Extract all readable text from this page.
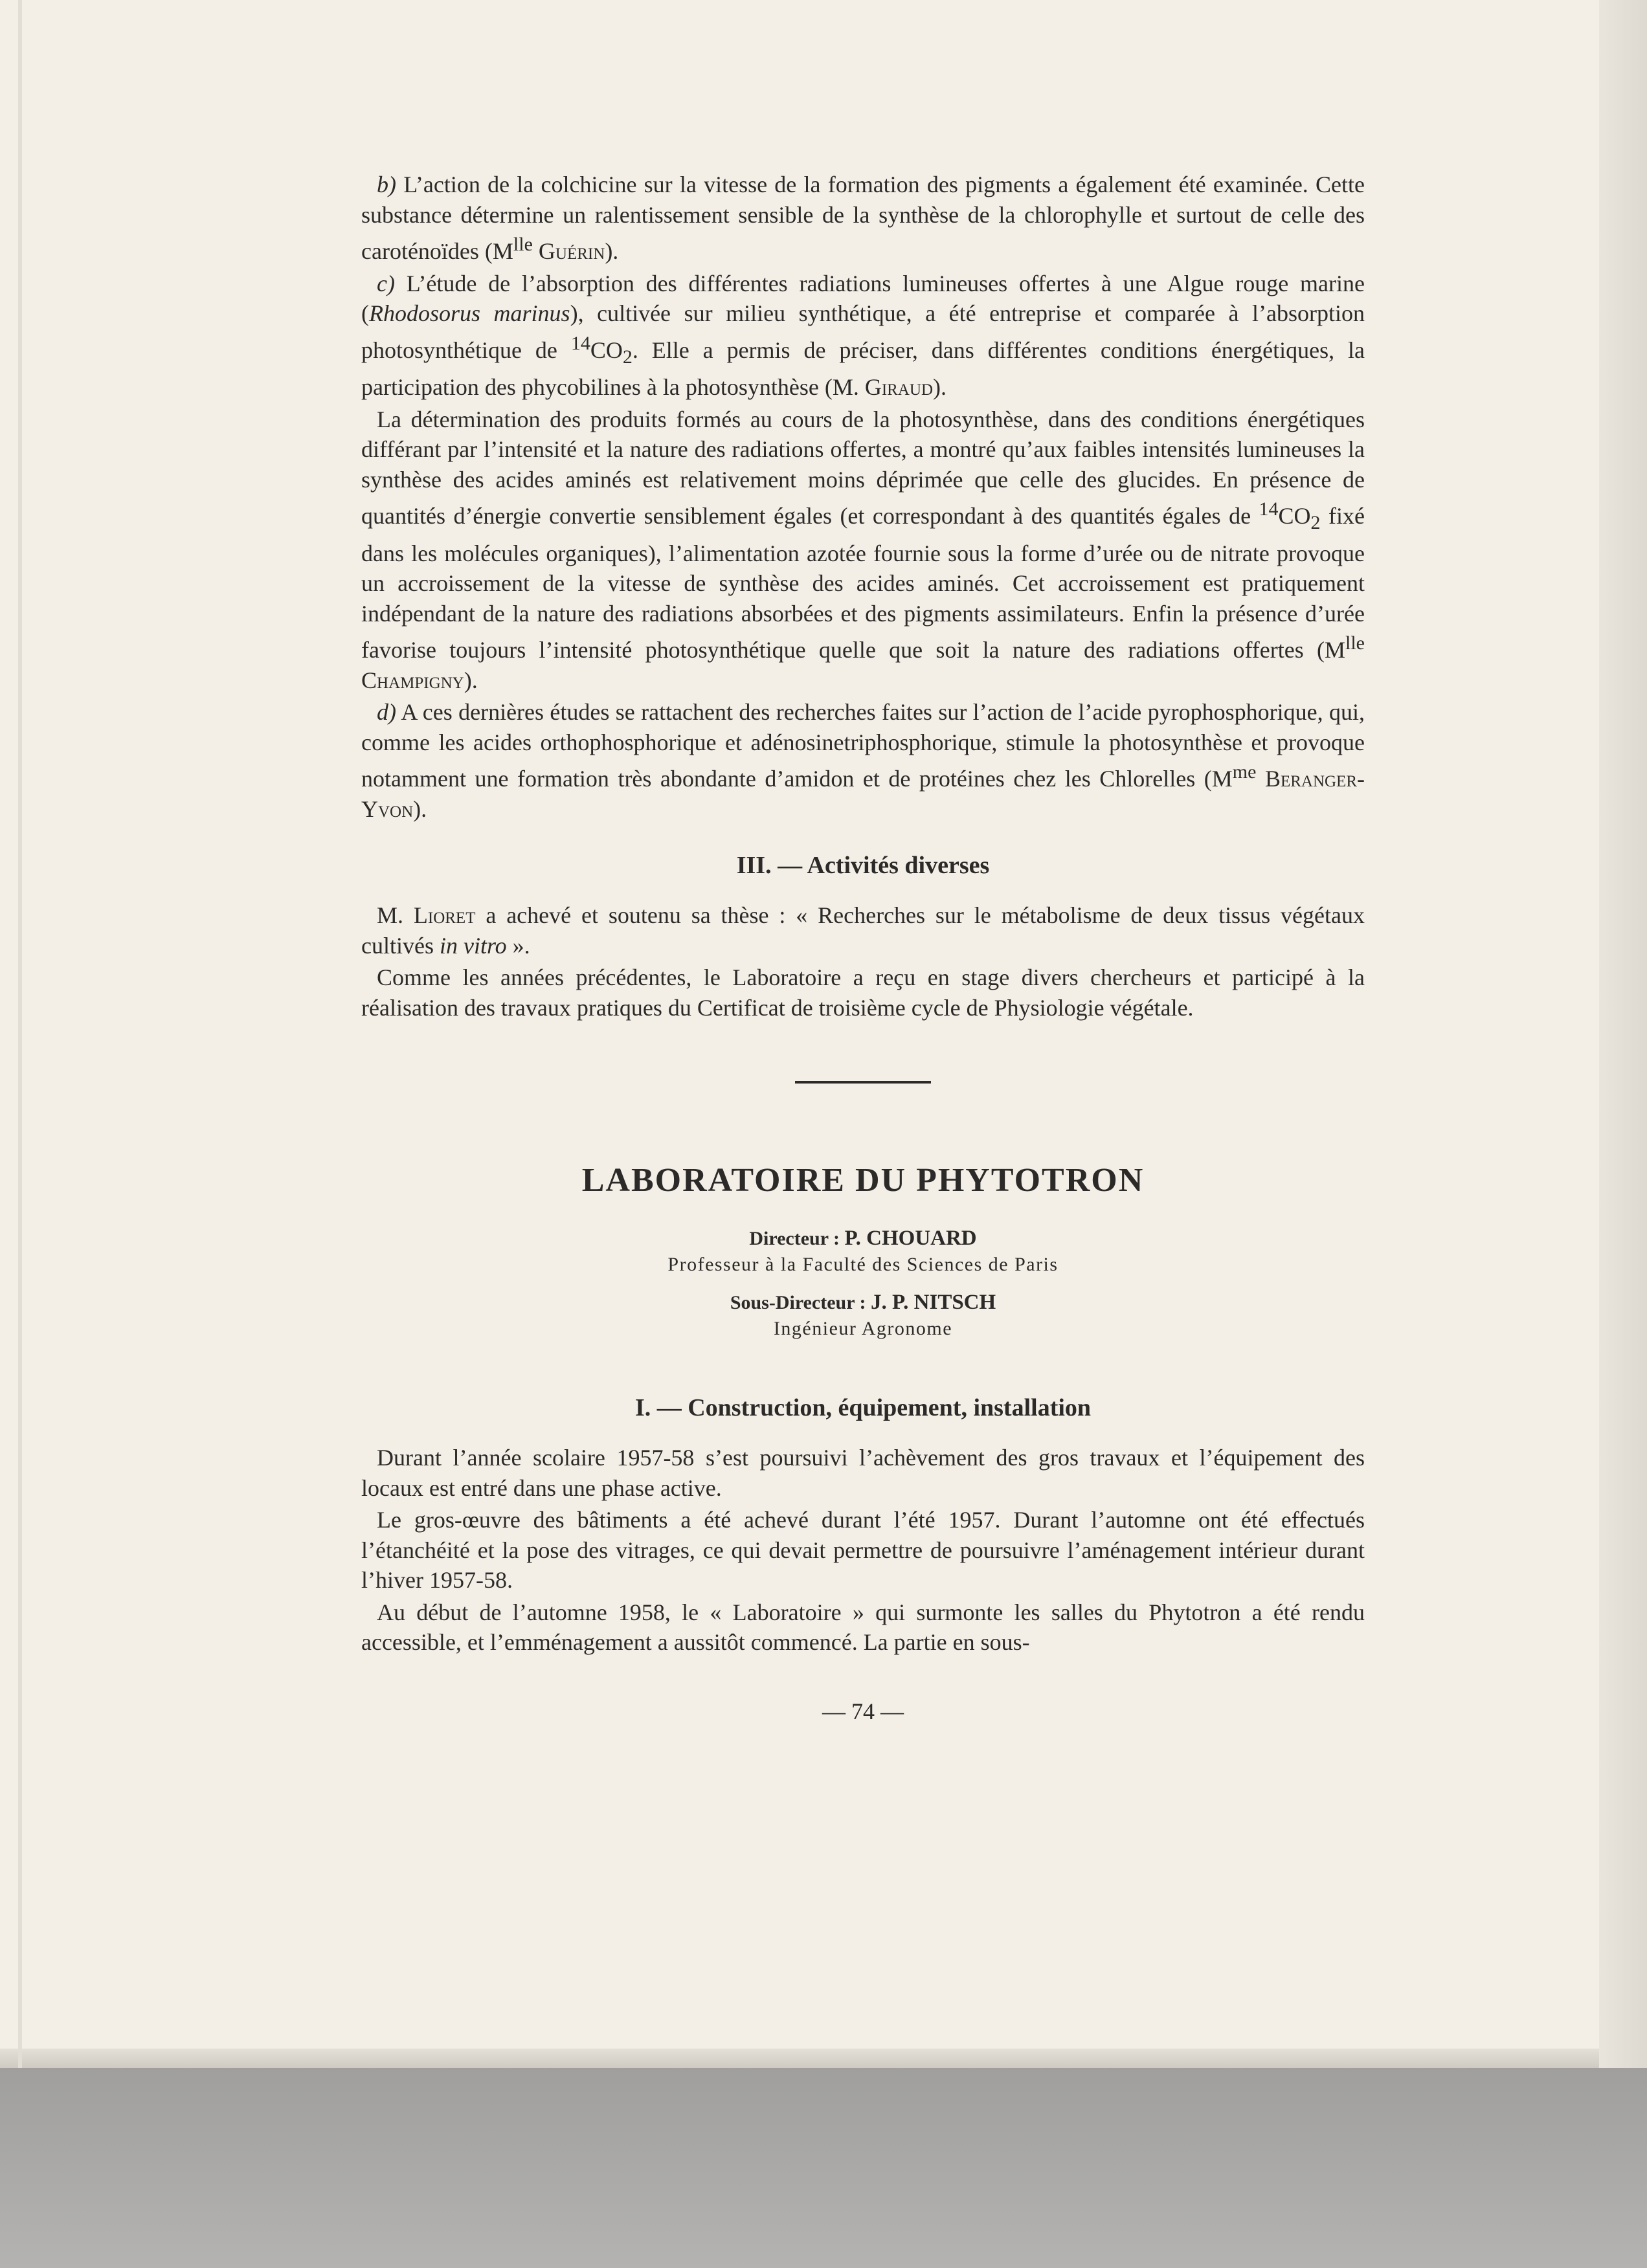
b) L’action de la colchicine sur la vitesse de la formation des pigments a également été examinée. Cette substance détermine un ralentissement sensible de la synthèse de la chlorophylle et surtout de celle des caroténoïdes ($M^{lle}$ Guérin).

c) L’étude de l’absorption des différentes radiations lumineuses offertes à une Algue rouge marine (Rhodosorus marinus), cultivée sur milieu synthétique, a été entreprise et comparée à l’absorption photosynthétique de $^{14}CO_2$. Elle a permis de préciser, dans différentes conditions énergétiques, la participation des phycobilines à la photosynthèse (M. Giraud).

La détermination des produits formés au cours de la photosynthèse, dans des conditions énergétiques différant par l’intensité et la nature des radiations offertes, a montré qu’aux faibles intensités lumineuses la synthèse des acides aminés est relativement moins déprimée que celle des glucides. En présence de quantités d’énergie convertie sensiblement égales (et correspondant à des quantités égales de $^{14}CO_2$ fixé dans les molécules organiques), l’alimentation azotée fournie sous la forme d’urée ou de nitrate provoque un accroissement de la vitesse de synthèse des acides aminés. Cet accroissement est pratiquement indépendant de la nature des radiations absorbées et des pigments assimilateurs. Enfin la présence d’urée favorise toujours l’intensité photosynthétique quelle que soit la nature des radiations offertes ($M^{lle}$ Champigny).

d) A ces dernières études se rattachent des recherches faites sur l’action de l’acide pyrophosphorique, qui, comme les acides orthophosphorique et adénosinetriphosphorique, stimule la photosynthèse et provoque notamment une formation très abondante d’amidon et de protéines chez les Chlorelles ($M^{me}$ Beranger-Yvon).

III. — Activités diverses

M. Lioret a achevé et soutenu sa thèse : « Recherches sur le métabolisme de deux tissus végétaux cultivés in vitro ».

Comme les années précédentes, le Laboratoire a reçu en stage divers chercheurs et participé à la réalisation des travaux pratiques du Certificat de troisième cycle de Physiologie végétale.

LABORATOIRE DU PHYTOTRON
Directeur : P. CHOUARD
Professeur à la Faculté des Sciences de Paris
Sous-Directeur : J. P. NITSCH
Ingénieur Agronome
I. — Construction, équipement, installation

Durant l’année scolaire 1957-58 s’est poursuivi l’achèvement des gros travaux et l’équipement des locaux est entré dans une phase active.

Le gros-œuvre des bâtiments a été achevé durant l’été 1957. Durant l’automne ont été effectués l’étanchéité et la pose des vitrages, ce qui devait permettre de poursuivre l’aménagement intérieur durant l’hiver 1957-58.

Au début de l’automne 1958, le « Laboratoire » qui surmonte les salles du Phytotron a été rendu accessible, et l’emménagement a aussitôt commencé. La partie en sous-

— 74 —
